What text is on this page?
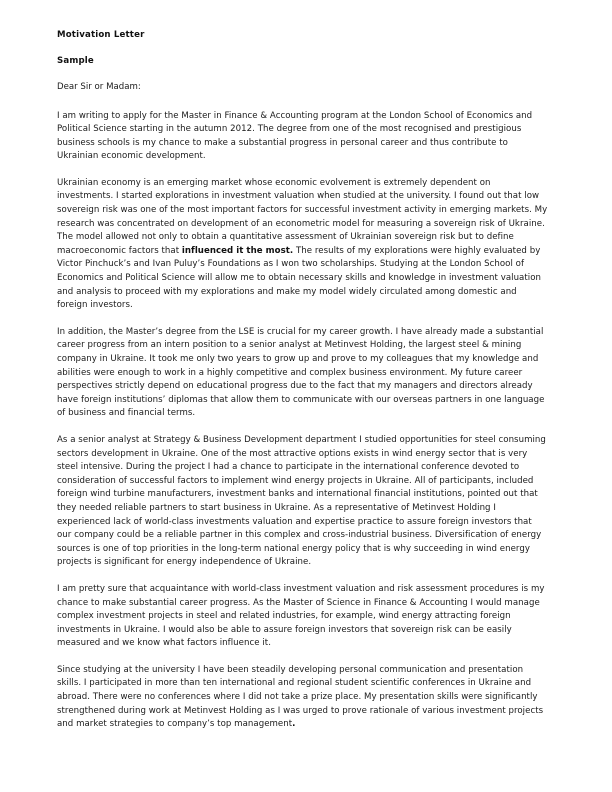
Motivation Letter
Sample

Dear Sir or Madam:

I am writing to apply for the Master in Finance & Accounting program at the London School of Economics and Political Science starting in the autumn 2012. The degree from one of the most recognised and prestigious business schools is my chance to make a substantial progress in personal career and thus contribute to Ukrainian economic development.

Ukrainian economy is an emerging market whose economic evolvement is extremely dependent on investments. I started explorations in investment valuation when studied at the university. I found out that low sovereign risk was one of the most important factors for successful investment activity in emerging markets. My research was concentrated on development of an econometric model for measuring a sovereign risk of Ukraine. The model allowed not only to obtain a quantitative assessment of Ukrainian sovereign risk but to define macroeconomic factors that influenced it the most. The results of my explorations were highly evaluated by Victor Pinchuck’s and Ivan Puluy’s Foundations as I won two scholarships. Studying at the London School of Economics and Political Science will allow me to obtain necessary skills and knowledge in investment valuation and analysis to proceed with my explorations and make my model widely circulated among domestic and foreign investors.

In addition, the Master’s degree from the LSE is crucial for my career growth. I have already made a substantial career progress from an intern position to a senior analyst at Metinvest Holding, the largest steel & mining company in Ukraine. It took me only two years to grow up and prove to my colleagues that my knowledge and abilities were enough to work in a highly competitive and complex business environment. My future career perspectives strictly depend on educational progress due to the fact that my managers and directors already have foreign institutions’ diplomas that allow them to communicate with our overseas partners in one language of business and financial terms.

As a senior analyst at Strategy & Business Development department I studied opportunities for steel consuming sectors development in Ukraine. One of the most attractive options exists in wind energy sector that is very steel intensive. During the project I had a chance to participate in the international conference devoted to consideration of successful factors to implement wind energy projects in Ukraine. All of participants, included foreign wind turbine manufacturers, investment banks and international financial institutions, pointed out that they needed reliable partners to start business in Ukraine. As a representative of Metinvest Holding I experienced lack of world-class investments valuation and expertise practice to assure foreign investors that our company could be a reliable partner in this complex and cross-industrial business. Diversification of energy sources is one of top priorities in the long-term national energy policy that is why succeeding in wind energy projects is significant for energy independence of Ukraine.

I am pretty sure that acquaintance with world-class investment valuation and risk assessment procedures is my chance to make substantial career progress. As the Master of Science in Finance & Accounting I would manage complex investment projects in steel and related industries, for example, wind energy attracting foreign investments in Ukraine. I would also be able to assure foreign investors that sovereign risk can be easily measured and we know what factors influence it.

Since studying at the university I have been steadily developing personal communication and presentation skills. I participated in more than ten international and regional student scientific conferences in Ukraine and abroad. There were no conferences where I did not take a prize place. My presentation skills were significantly strengthened during work at Metinvest Holding as I was urged to prove rationale of various investment projects and market strategies to company’s top management.
